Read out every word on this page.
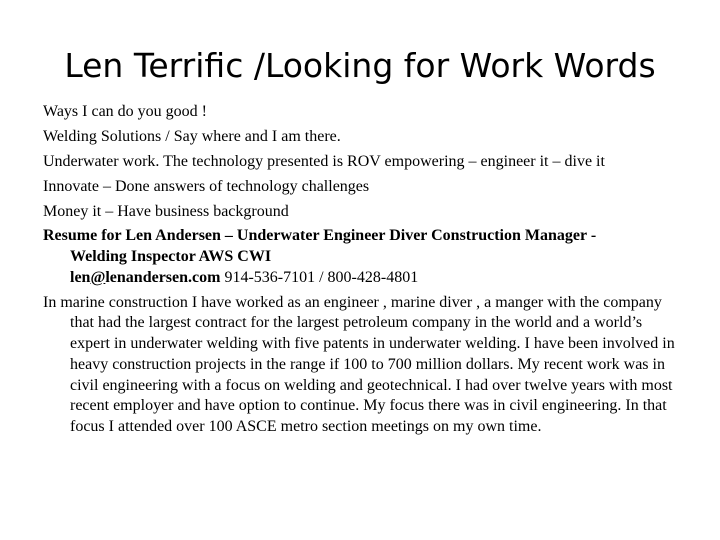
Len Terrific /Looking for Work Words

Ways I can do you good !

Welding Solutions / Say where and I am there.

Underwater work. The technology presented is ROV empowering – engineer it – dive it

Innovate – Done answers of technology challenges

Money it – Have business background

Resume for Len Andersen – Underwater Engineer Diver Construction Manager -
Welding Inspector AWS CWI
len@lenandersen.com 914-536-7101 / 800-428-4801

In marine construction I have worked as an engineer , marine diver , a manger with the company that had the largest contract for the largest petroleum company in the world and a world’s expert in underwater welding with five patents in underwater welding. I have been involved in heavy construction projects in the range if 100 to 700 million dollars. My recent work was in civil engineering with a focus on welding and geotechnical. I had over twelve years with most recent employer and have option to continue. My focus there was in civil engineering. In that focus I attended over 100 ASCE metro section meetings on my own time.
